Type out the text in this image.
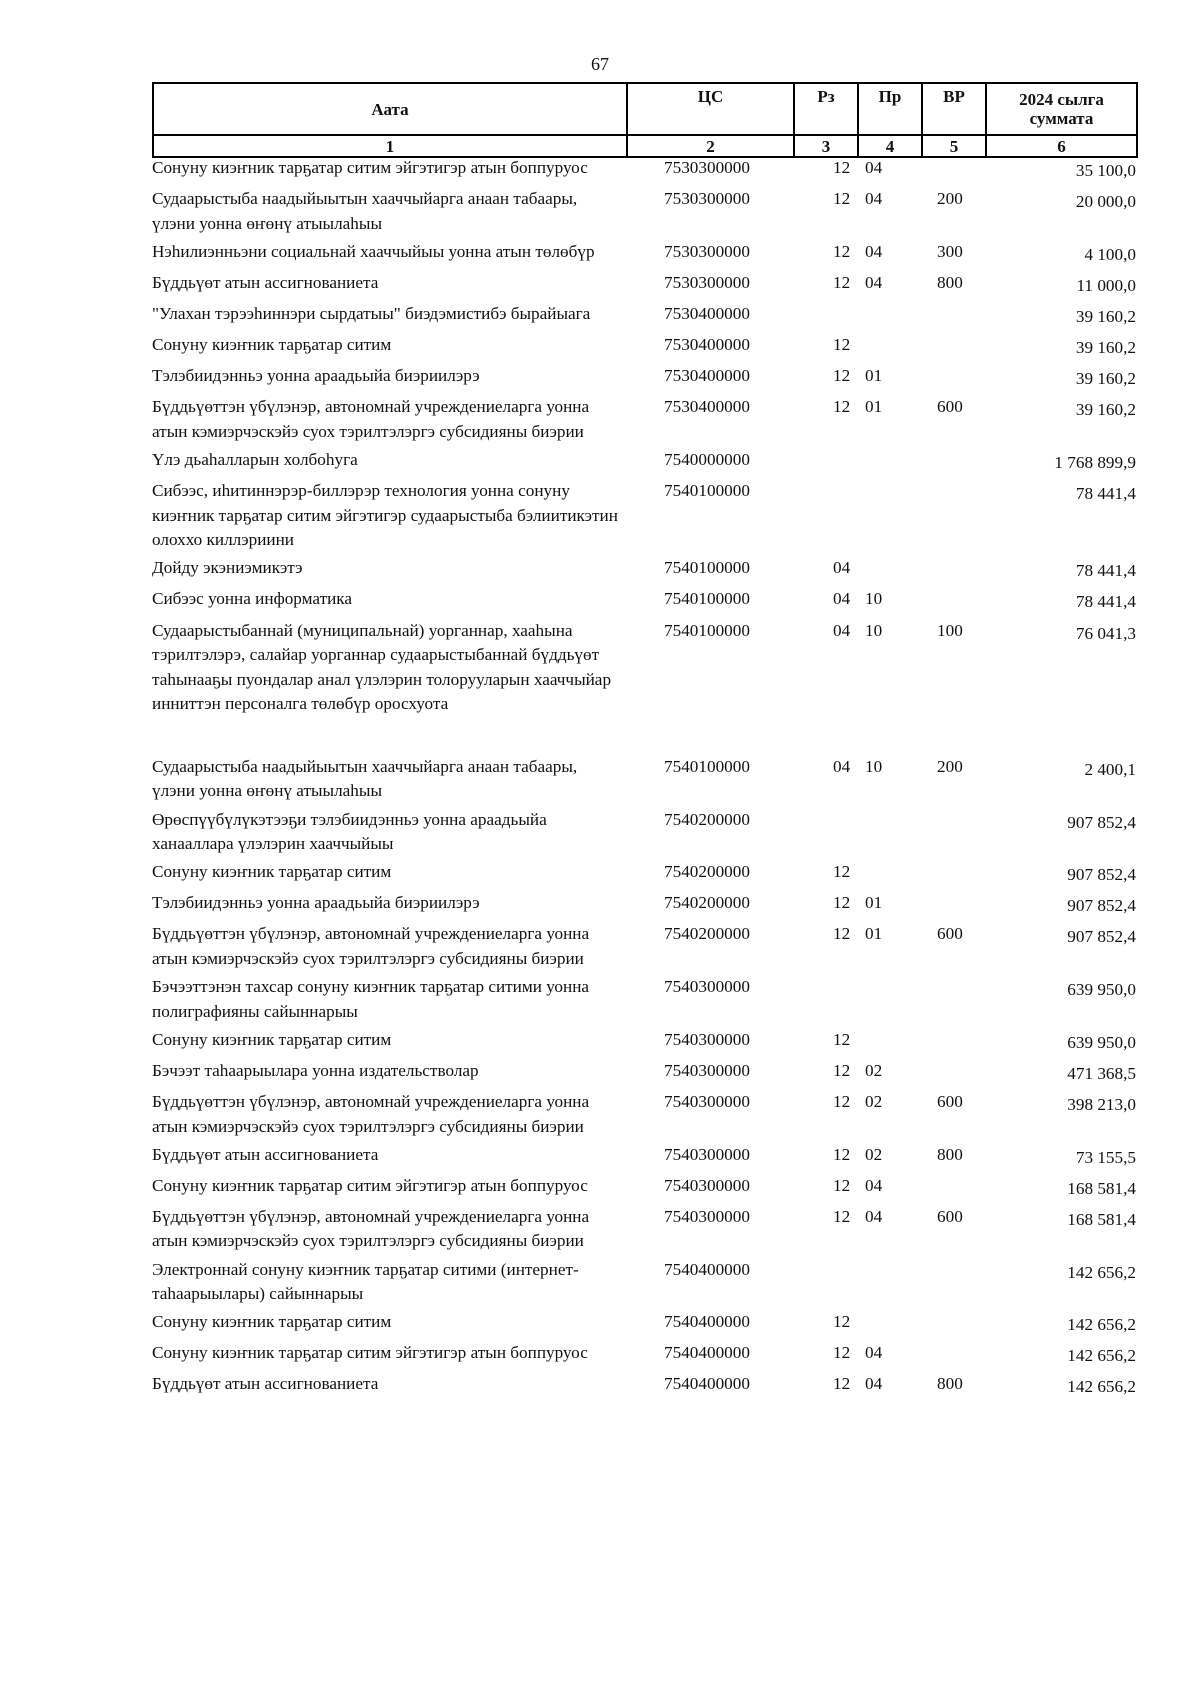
67
Аата	ЦС	Рз	Пр	ВР	2024 сылга суммата
1	2	3	4	5	6
Сонуну киэҥник тарҕатар ситим эйгэтигэр атын боппуруос	7530300000	12	04		35 100,0
Судаарыстыба наадыйыытын хааччыйарга анаан табаары, үлэни уонна өҥөнү атыылаһыы	7530300000	12	04	200	20 000,0
Нэһилиэнньэни социальнай хааччыйыы уонна атын төлөбүр	7530300000	12	04	300	4 100,0
Бүддьүөт атын ассигнованиета	7530300000	12	04	800	11 000,0
"Улахан тэрээһиннэри сырдатыы" биэдэмистибэ бырайыага	7530400000				39 160,2
Сонуну киэҥник тарҕатар ситим	7530400000	12			39 160,2
Тэлэбиидэнньэ уонна араадьыйа биэриилэрэ	7530400000	12	01		39 160,2
Бүддьүөттэн үбүлэнэр, автономнай учреждениеларга уонна атын кэмиэрчэскэйэ суох тэрилтэлэргэ субсидияны биэрии	7530400000	12	01	600	39 160,2
Үлэ дьаһалларын холбоһуга	7540000000				1 768 899,9
Сибээс, иһитиннэрэр-биллэрэр технология уонна сонуну киэҥник тарҕатар ситим эйгэтигэр судаарыстыба бэлиитикэтин олоххо киллэриини	7540100000				78 441,4
Дойду экэниэмикэтэ	7540100000	04			78 441,4
Сибээс уонна информатика	7540100000	04	10		78 441,4
Судаарыстыбаннай (муниципальнай) уорганнар, хааһына тэрилтэлэрэ, салайар уорганнар судаарыстыбаннай бүддьүөт таһынааҕы пуондалар анал үлэлэрин толорууларын хааччыйар инниттэн персоналга төлөбүр оросхуота	7540100000	04	10	100	76 041,3
Судаарыстыба наадыйыытын хааччыйарга анаан табаары, үлэни уонна өҥөнү атыылаһыы	7540100000	04	10	200	2 400,1
Өрөспүүбүлүкэтээҕи тэлэбиидэнньэ уонна араадьыйа ханааллара үлэлэрин хааччыйыы	7540200000				907 852,4
Сонуну киэҥник тарҕатар ситим	7540200000	12			907 852,4
Тэлэбиидэнньэ уонна араадьыйа биэриилэрэ	7540200000	12	01		907 852,4
Бүддьүөттэн үбүлэнэр, автономнай учреждениеларга уонна атын кэмиэрчэскэйэ суох тэрилтэлэргэ субсидияны биэрии	7540200000	12	01	600	907 852,4
Бэчээттэнэн тахсар сонуну киэҥник тарҕатар ситими уонна полиграфияны сайыннарыы	7540300000				639 950,0
Сонуну киэҥник тарҕатар ситим	7540300000	12			639 950,0
Бэчээт таһаарыылара уонна издательстволар	7540300000	12	02		471 368,5
Бүддьүөттэн үбүлэнэр, автономнай учреждениеларга уонна атын кэмиэрчэскэйэ суох тэрилтэлэргэ субсидияны биэрии	7540300000	12	02	600	398 213,0
Бүддьүөт атын ассигнованиета	7540300000	12	02	800	73 155,5
Сонуну киэҥник тарҕатар ситим эйгэтигэр атын боппуруос	7540300000	12	04		168 581,4
Бүддьүөттэн үбүлэнэр, автономнай учреждениеларга уонна атын кэмиэрчэскэйэ суох тэрилтэлэргэ субсидияны биэрии	7540300000	12	04	600	168 581,4
Электроннай сонуну киэҥник тарҕатар ситими (интернет-таһаарыылары) сайыннарыы	7540400000				142 656,2
Сонуну киэҥник тарҕатар ситим	7540400000	12			142 656,2
Сонуну киэҥник тарҕатар ситим эйгэтигэр атын боппуруос	7540400000	12	04		142 656,2
Бүддьүөт атын ассигнованиета	7540400000	12	04	800	142 656,2
